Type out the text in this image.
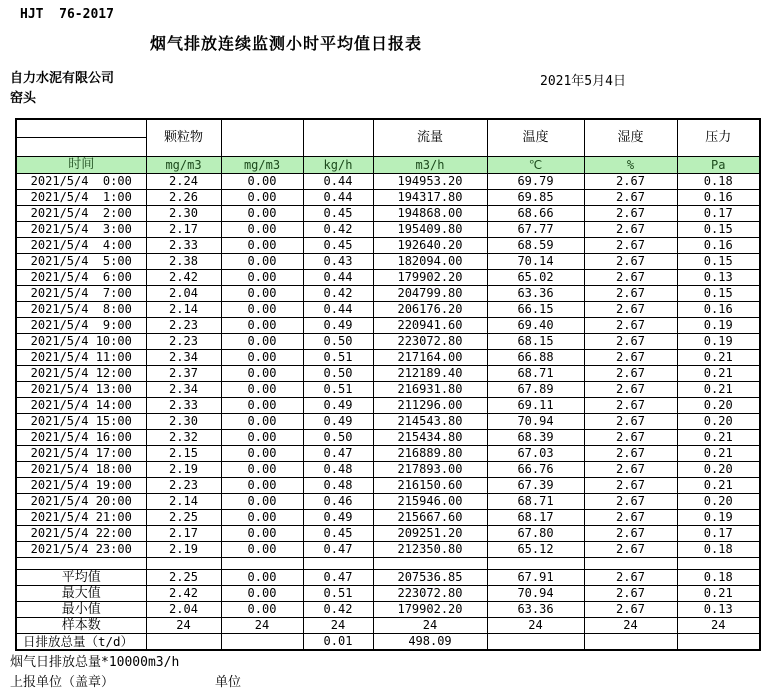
HJT  76-2017
烟气排放连续监测小时平均值日报表
自力水泥有限公司
窑头
2021年5月4日
	颗粒物			流量	温度	湿度	压力

时间	mg/m3	mg/m3	kg/h	m3/h	℃	%	Pa
2021/5/4  0:00	2.24	0.00	0.44	194953.20	69.79	2.67	0.18
2021/5/4  1:00	2.26	0.00	0.44	194317.80	69.85	2.67	0.16
2021/5/4  2:00	2.30	0.00	0.45	194868.00	68.66	2.67	0.17
2021/5/4  3:00	2.17	0.00	0.42	195409.80	67.77	2.67	0.15
2021/5/4  4:00	2.33	0.00	0.45	192640.20	68.59	2.67	0.16
2021/5/4  5:00	2.38	0.00	0.43	182094.00	70.14	2.67	0.15
2021/5/4  6:00	2.42	0.00	0.44	179902.20	65.02	2.67	0.13
2021/5/4  7:00	2.04	0.00	0.42	204799.80	63.36	2.67	0.15
2021/5/4  8:00	2.14	0.00	0.44	206176.20	66.15	2.67	0.16
2021/5/4  9:00	2.23	0.00	0.49	220941.60	69.40	2.67	0.19
2021/5/4 10:00	2.23	0.00	0.50	223072.80	68.15	2.67	0.19
2021/5/4 11:00	2.34	0.00	0.51	217164.00	66.88	2.67	0.21
2021/5/4 12:00	2.37	0.00	0.50	212189.40	68.71	2.67	0.21
2021/5/4 13:00	2.34	0.00	0.51	216931.80	67.89	2.67	0.21
2021/5/4 14:00	2.33	0.00	0.49	211296.00	69.11	2.67	0.20
2021/5/4 15:00	2.30	0.00	0.49	214543.80	70.94	2.67	0.20
2021/5/4 16:00	2.32	0.00	0.50	215434.80	68.39	2.67	0.21
2021/5/4 17:00	2.15	0.00	0.47	216889.80	67.03	2.67	0.21
2021/5/4 18:00	2.19	0.00	0.48	217893.00	66.76	2.67	0.20
2021/5/4 19:00	2.23	0.00	0.48	216150.60	67.39	2.67	0.21
2021/5/4 20:00	2.14	0.00	0.46	215946.00	68.71	2.67	0.20
2021/5/4 21:00	2.25	0.00	0.49	215667.60	68.17	2.67	0.19
2021/5/4 22:00	2.17	0.00	0.45	209251.20	67.80	2.67	0.17
2021/5/4 23:00	2.19	0.00	0.47	212350.80	65.12	2.67	0.18

平均值	2.25	0.00	0.47	207536.85	67.91	2.67	0.18
最大值	2.42	0.00	0.51	223072.80	70.94	2.67	0.21
最小值	2.04	0.00	0.42	179902.20	63.36	2.67	0.13
样本数	24	24	24	24	24	24	24
日排放总量（t/d）			0.01	498.09			
烟气日排放总量*10000m3/h
上报单位（盖章）	单位
